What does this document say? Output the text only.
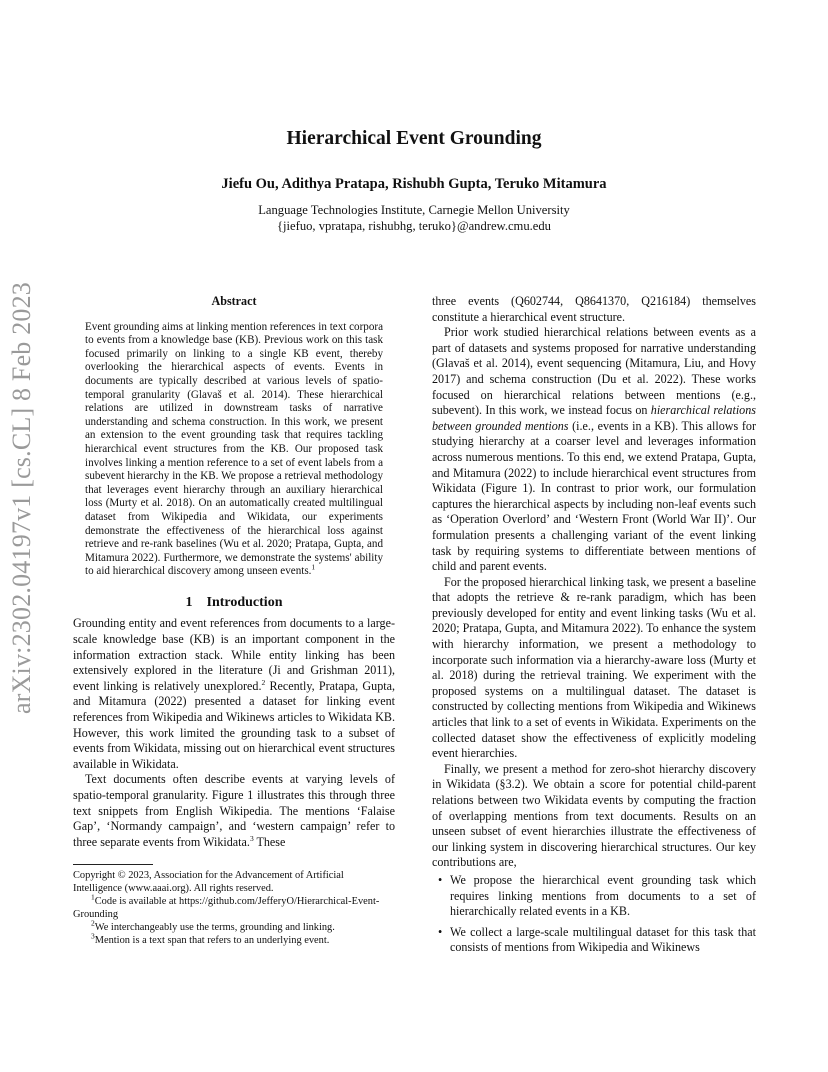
arXiv:2302.04197v1 [cs.CL] 8 Feb 2023
Hierarchical Event Grounding
Jiefu Ou, Adithya Pratapa, Rishubh Gupta, Teruko Mitamura
Language Technologies Institute, Carnegie Mellon University
{jiefuo, vpratapa, rishubhg, teruko}@andrew.cmu.edu
Abstract

Event grounding aims at linking mention references in text corpora to events from a knowledge base (KB). Previous work on this task focused primarily on linking to a single KB event, thereby overlooking the hierarchical aspects of events. Events in documents are typically described at various levels of spatio-temporal granularity (Glavaš et al. 2014). These hierarchical relations are utilized in downstream tasks of narrative understanding and schema construction. In this work, we present an extension to the event grounding task that requires tackling hierarchical event structures from the KB. Our proposed task involves linking a mention reference to a set of event labels from a subevent hierarchy in the KB. We propose a retrieval methodology that leverages event hierarchy through an auxiliary hierarchical loss (Murty et al. 2018). On an automatically created multilingual dataset from Wikipedia and Wikidata, our experiments demonstrate the effectiveness of the hierarchical loss against retrieve and re-rank baselines (Wu et al. 2020; Pratapa, Gupta, and Mitamura 2022). Furthermore, we demonstrate the systems' ability to aid hierarchical discovery among unseen events.$^1$

1 Introduction

Grounding entity and event references from documents to a large-scale knowledge base (KB) is an important component in the information extraction stack. While entity linking has been extensively explored in the literature (Ji and Grishman 2011), event linking is relatively unexplored.$^2$ Recently, Pratapa, Gupta, and Mitamura (2022) presented a dataset for linking event references from Wikipedia and Wikinews articles to Wikidata KB. However, this work limited the grounding task to a subset of events from Wikidata, missing out on hierarchical event structures available in Wikidata.

Text documents often describe events at varying levels of spatio-temporal granularity. Figure 1 illustrates this through three text snippets from English Wikipedia. The mentions ‘Falaise Gap’, ‘Normandy campaign’, and ‘western campaign’ refer to three separate events from Wikidata.$^3$ These

Copyright © 2023, Association for the Advancement of Artificial Intelligence (www.aaai.org). All rights reserved.

$^1$Code is available at https://github.com/JefferyO/Hierarchical-Event-Grounding

$^2$We interchangeably use the terms, grounding and linking.

$^3$Mention is a text span that refers to an underlying event.

three events (Q602744, Q8641370, Q216184) themselves constitute a hierarchical event structure.

Prior work studied hierarchical relations between events as a part of datasets and systems proposed for narrative understanding (Glavaš et al. 2014), event sequencing (Mitamura, Liu, and Hovy 2017) and schema construction (Du et al. 2022). These works focused on hierarchical relations between mentions (e.g., subevent). In this work, we instead focus on hierarchical relations between grounded mentions (i.e., events in a KB). This allows for studying hierarchy at a coarser level and leverages information across numerous mentions. To this end, we extend Pratapa, Gupta, and Mitamura (2022) to include hierarchical event structures from Wikidata (Figure 1). In contrast to prior work, our formulation captures the hierarchical aspects by including non-leaf events such as ‘Operation Overlord’ and ‘Western Front (World War II)’. Our formulation presents a challenging variant of the event linking task by requiring systems to differentiate between mentions of child and parent events.

For the proposed hierarchical linking task, we present a baseline that adopts the retrieve & re-rank paradigm, which has been previously developed for entity and event linking tasks (Wu et al. 2020; Pratapa, Gupta, and Mitamura 2022). To enhance the system with hierarchy information, we present a methodology to incorporate such information via a hierarchy-aware loss (Murty et al. 2018) during the retrieval training. We experiment with the proposed systems on a multilingual dataset. The dataset is constructed by collecting mentions from Wikipedia and Wikinews articles that link to a set of events in Wikidata. Experiments on the collected dataset show the effectiveness of explicitly modeling event hierarchies.

Finally, we present a method for zero-shot hierarchy discovery in Wikidata (§3.2). We obtain a score for potential child-parent relations between two Wikidata events by computing the fraction of overlapping mentions from text documents. Results on an unseen subset of event hierarchies illustrate the effectiveness of our linking system in discovering hierarchical structures. Our key contributions are,

• We propose the hierarchical event grounding task which requires linking mentions from documents to a set of hierarchically related events in a KB.
• We collect a large-scale multilingual dataset for this task that consists of mentions from Wikipedia and Wikinews
